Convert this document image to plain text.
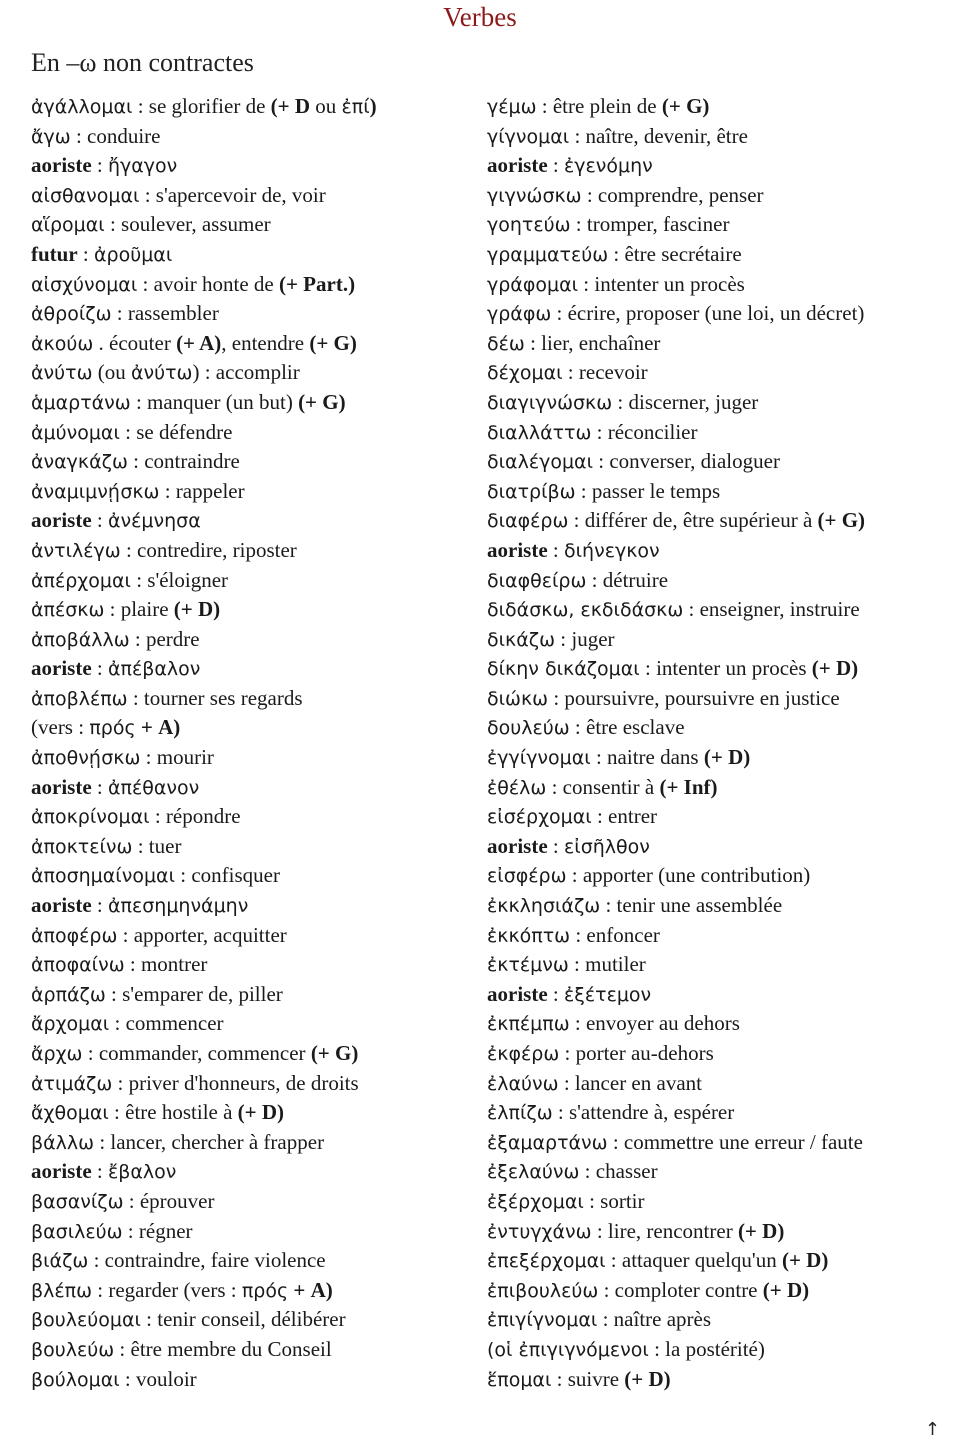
Verbes
En –ω non contractes
ἀγάλλομαι : se glorifier de (+ D ou ἐπί)
ἄγω : conduire
aoriste : ἤγαγον
αἰσθανομαι : s'apercevoir de, voir
αἵρομαι : soulever, assumer
futur : ἀροῦμαι
αἰσχύνομαι : avoir honte de (+ Part.)
ἀθροίζω : rassembler
ἀκούω . écouter (+ A), entendre (+ G)
ἀνύτω (ou ἀνύτω) : accomplir
ἁμαρτάνω : manquer (un but) (+ G)
ἀμύνομαι : se défendre
ἀναγκάζω : contraindre
ἀναμιμνῄσκω : rappeler
aoriste : ἀνέμνησα
ἀντιλέγω : contredire, riposter
ἀπέρχομαι : s'éloigner
ἀπέσκω : plaire (+ D)
ἀποβάλλω : perdre
aoriste : ἀπέβαλον
ἀποβλέπω : tourner ses regards
(vers : πρός + A)
ἀποθνῄσκω : mourir
aoriste : ἀπέθανον
ἀποκρίνομαι : répondre
ἀποκτείνω : tuer
ἀποσημαίνομαι : confisquer
aoriste : ἀπεσημηνάμην
ἀποφέρω : apporter, acquitter
ἀποφαίνω : montrer
ἁρπάζω : s'emparer de, piller
ἄρχομαι : commencer
ἄρχω : commander, commencer (+ G)
ἀτιμάζω : priver d'honneurs, de droits
ἄχθομαι : être hostile à (+ D)
βάλλω : lancer, chercher à frapper
aoriste : ἔβαλον
βασανίζω : éprouver
βασιλεύω : régner
βιάζω : contraindre, faire violence
βλέπω : regarder (vers : πρός + A)
βουλεύομαι : tenir conseil, délibérer
βουλεύω : être membre du Conseil
βούλομαι : vouloir
γέμω : être plein de (+ G)
γίγνομαι : naître, devenir, être
aoriste : ἐγενόμην
γιγνώσκω : comprendre, penser
γοητεύω : tromper, fasciner
γραμματεύω : être secrétaire
γράφομαι : intenter un procès
γράφω : écrire, proposer (une loi, un décret)
δέω : lier, enchaîner
δέχομαι : recevoir
διαγιγνώσκω : discerner, juger
διαλλάττω : réconcilier
διαλέγομαι : converser, dialoguer
διατρίβω : passer le temps
διαφέρω : différer de, être supérieur à (+ G)
aoriste : διήνεγκον
διαφθείρω : détruire
διδάσκω, εκδιδάσκω : enseigner, instruire
δικάζω : juger
δίκην δικάζομαι : intenter un procès (+ D)
διώκω : poursuivre, poursuivre en justice
δουλεύω : être esclave
ἐγγίγνομαι : naitre dans (+ D)
ἐθέλω : consentir à (+ Inf)
εἰσέρχομαι : entrer
aoriste : εἰσῆλθον
εἰσφέρω : apporter (une contribution)
ἐκκλησιάζω : tenir une assemblée
ἐκκόπτω : enfoncer
ἐκτέμνω : mutiler
aoriste : ἐξέτεμον
ἐκπέμπω : envoyer au dehors
ἐκφέρω : porter au-dehors
ἐλαύνω : lancer en avant
ἐλπίζω : s'attendre à, espérer
ἐξαμαρτάνω : commettre une erreur / faute
ἐξελαύνω : chasser
ἐξέρχομαι : sortir
ἐντυγχάνω : lire, rencontrer (+ D)
ἐπεξέρχομαι : attaquer quelqu'un (+ D)
ἐπιβουλεύω : comploter contre (+ D)
ἐπιγίγνομαι : naître après
(οἱ ἐπιγιγνόμενοι : la postérité)
ἕπομαι : suivre (+ D)
↑
